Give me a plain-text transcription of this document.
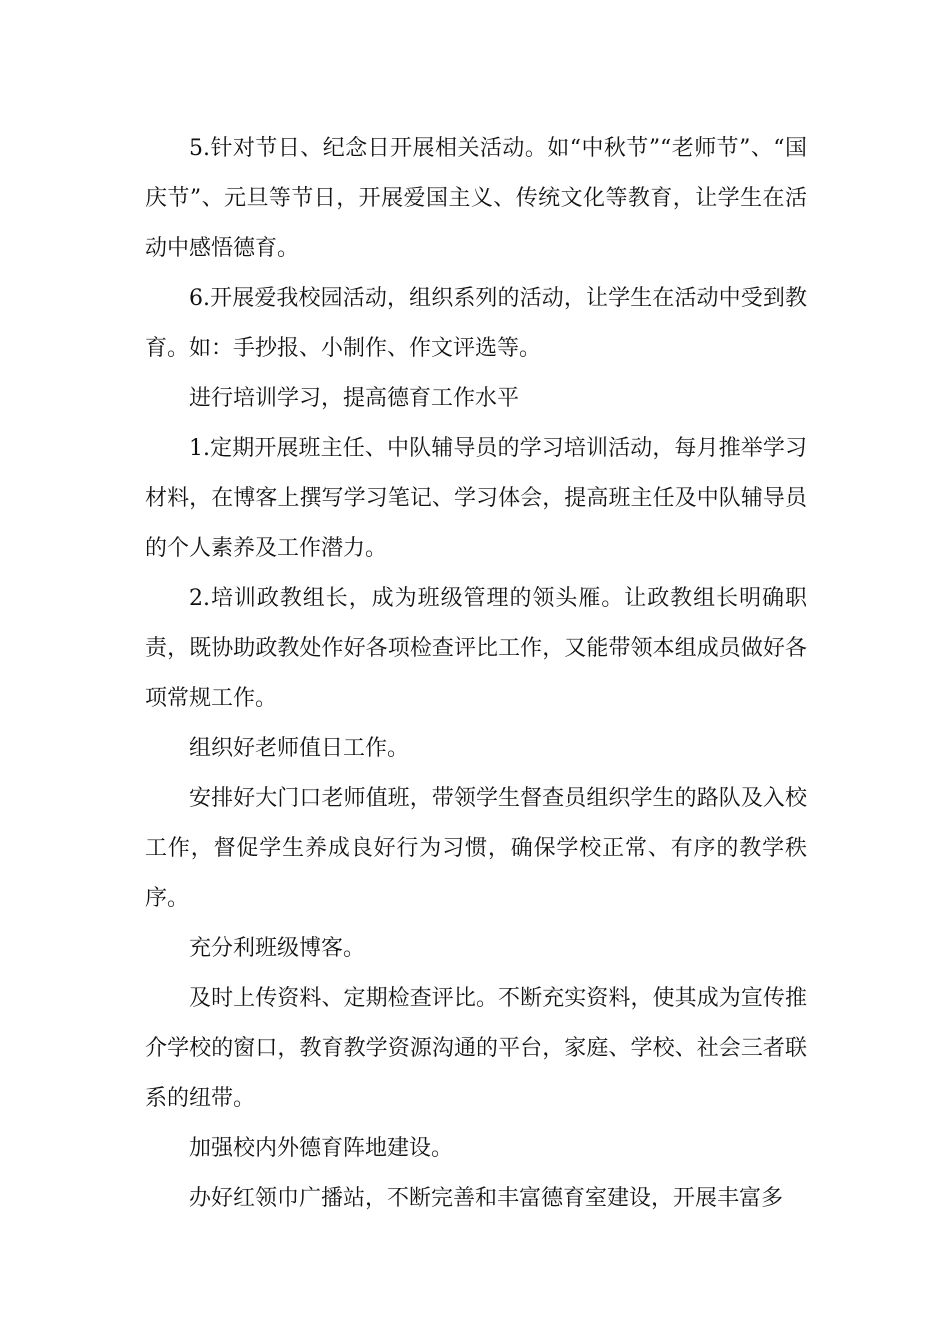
5.针对节日、纪念日开展相关活动。如“中秋节”“老师节”、“国庆节”、元旦等节日，开展爱国主义、传统文化等教育，让学生在活动中感悟德育。

6.开展爱我校园活动，组织系列的活动，让学生在活动中受到教育。如：手抄报、小制作、作文评选等。

进行培训学习，提高德育工作水平

1.定期开展班主任、中队辅导员的学习培训活动，每月推举学习材料，在博客上撰写学习笔记、学习体会，提高班主任及中队辅导员的个人素养及工作潜力。

2.培训政教组长，成为班级管理的领头雁。让政教组长明确职责，既协助政教处作好各项检查评比工作，又能带领本组成员做好各项常规工作。

组织好老师值日工作。

安排好大门口老师值班，带领学生督查员组织学生的路队及入校工作，督促学生养成良好行为习惯，确保学校正常、有序的教学秩序。

充分利班级博客。

及时上传资料、定期检查评比。不断充实资料，使其成为宣传推介学校的窗口，教育教学资源沟通的平台，家庭、学校、社会三者联系的纽带。

加强校内外德育阵地建设。

办好红领巾广播站，不断完善和丰富德育室建设，开展丰富多
